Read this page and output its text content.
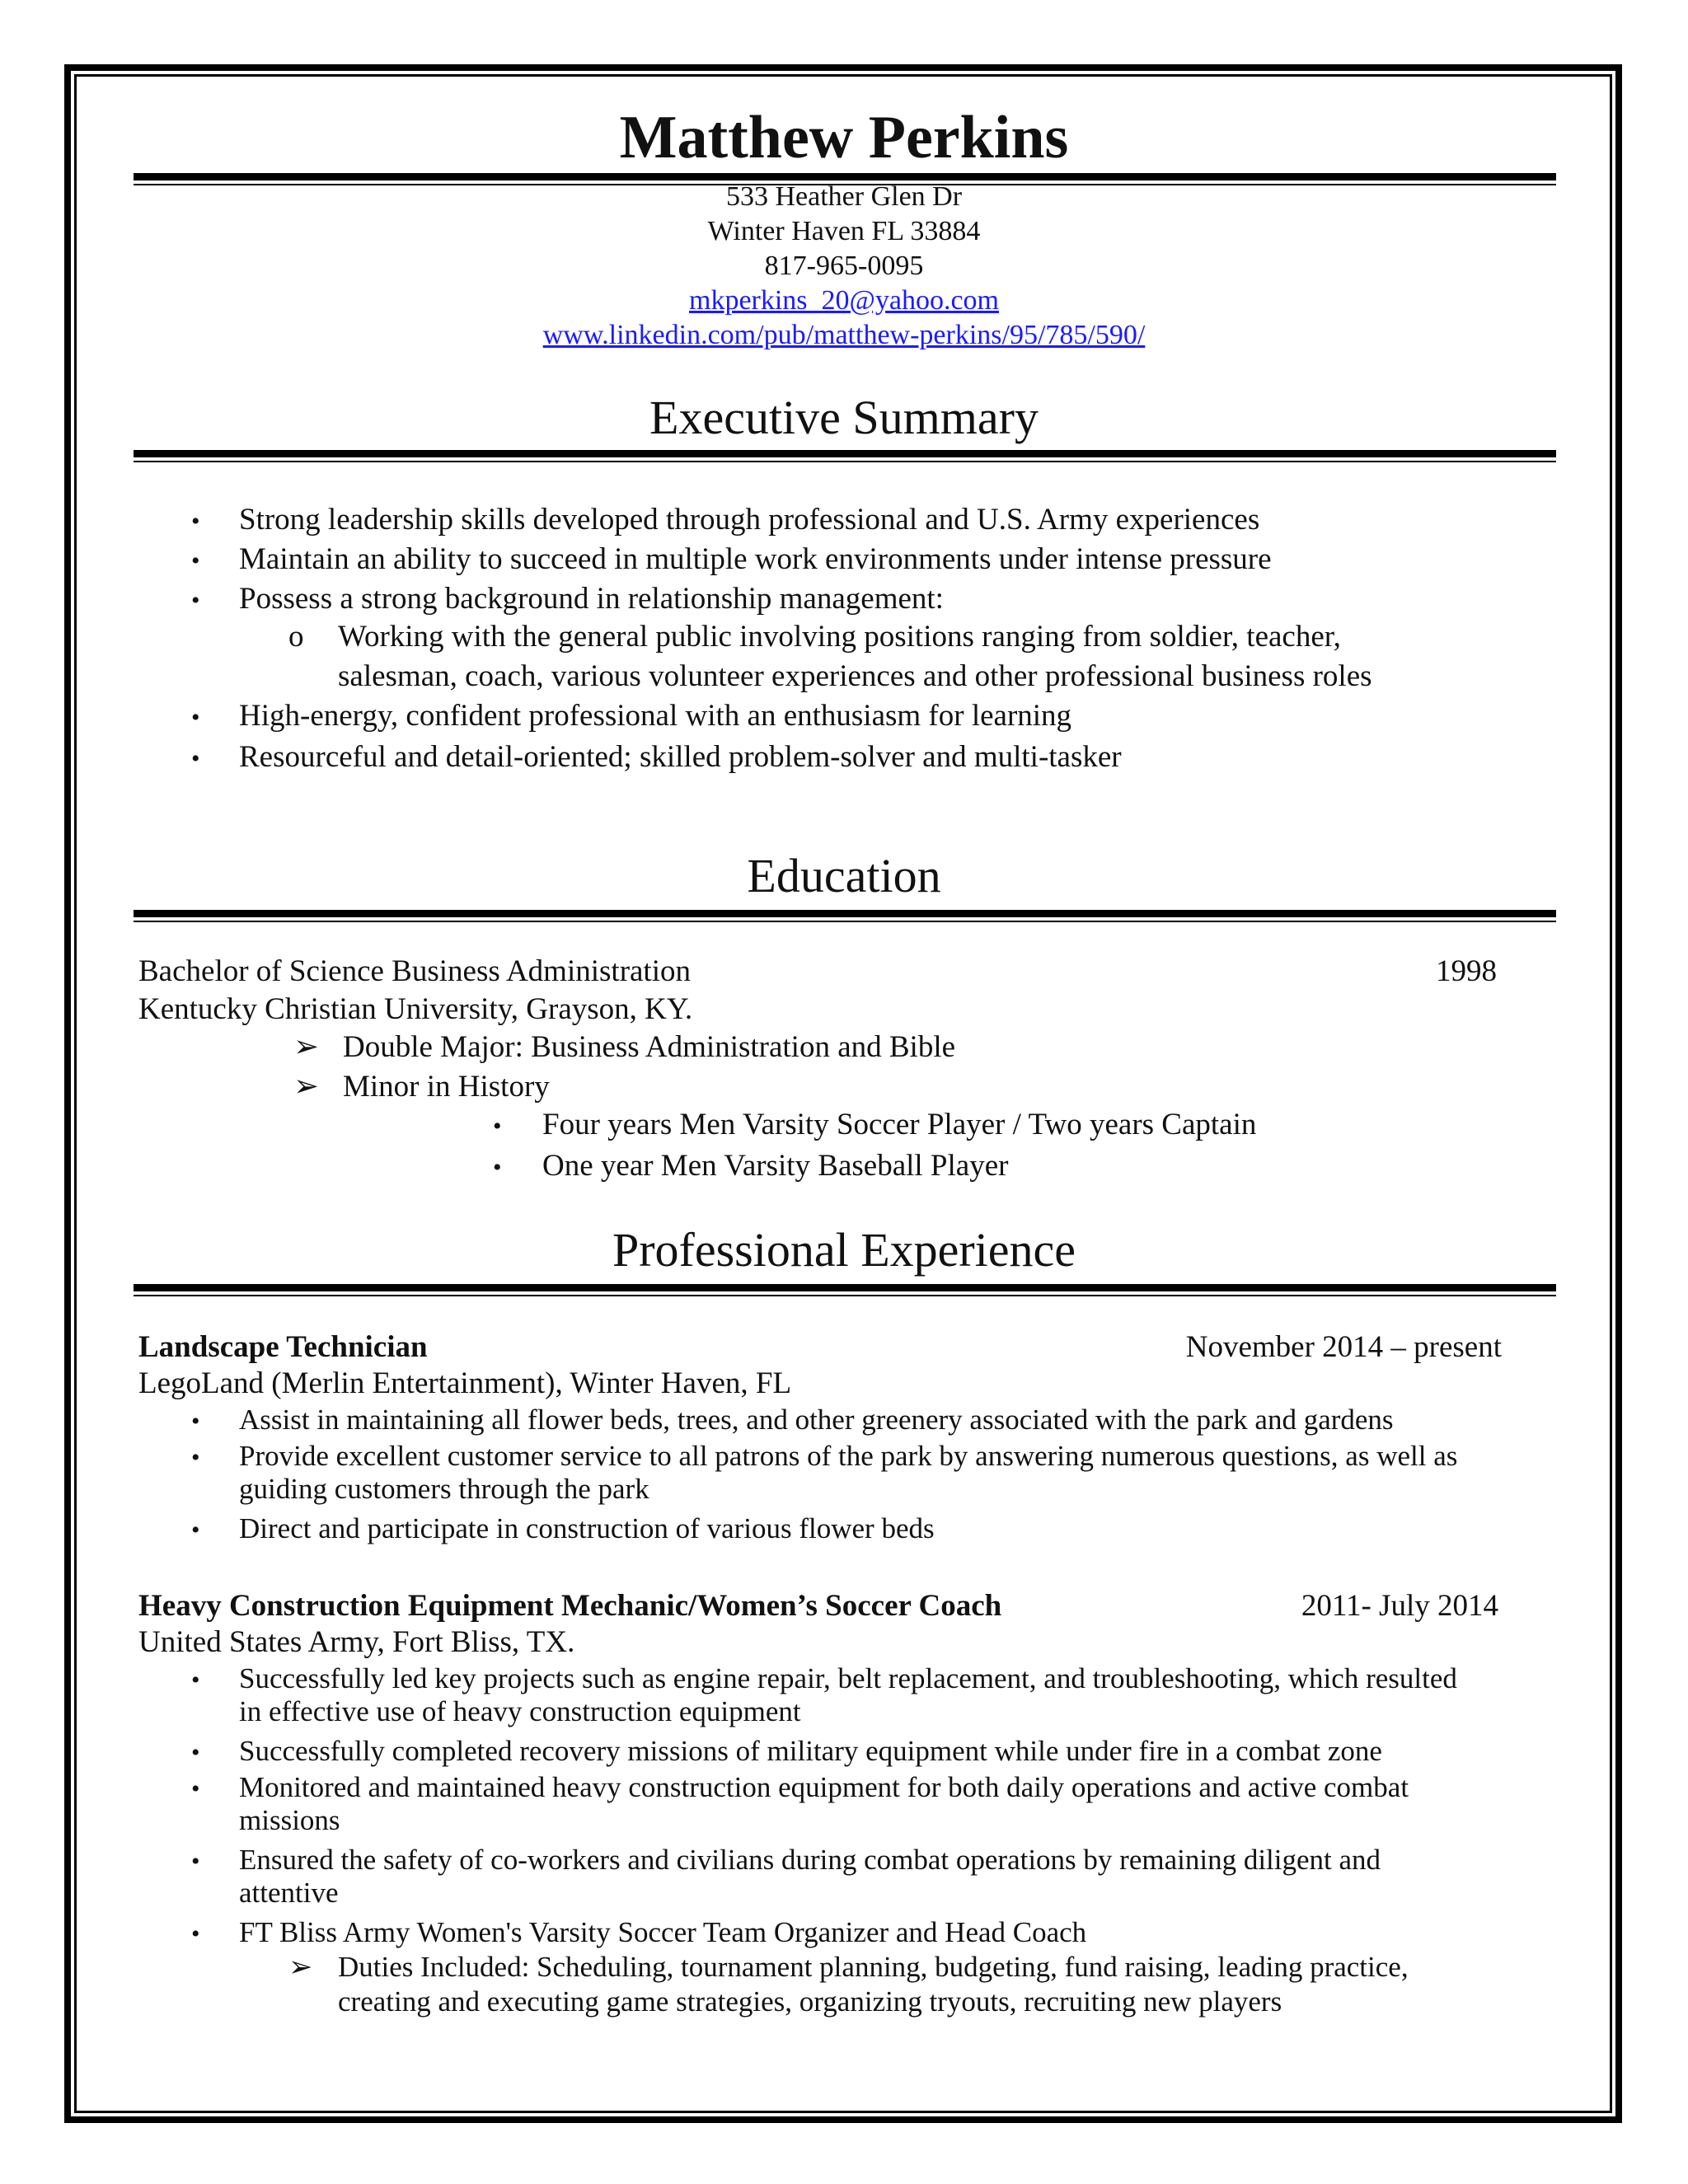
Matthew Perkins
533 Heather Glen Dr
Winter Haven FL 33884
817-965-0095
mkperkins_20@yahoo.com
www.linkedin.com/pub/matthew-perkins/95/785/590/
Executive Summary
• Strong leadership skills developed through professional and U.S. Army experiences
• Maintain an ability to succeed in multiple work environments under intense pressure
• Possess a strong background in relationship management:
o Working with the general public involving positions ranging from soldier, teacher,
salesman, coach, various volunteer experiences and other professional business roles
• High-energy, confident professional with an enthusiasm for learning
• Resourceful and detail-oriented; skilled problem-solver and multi-tasker
Education
Bachelor of Science Business Administration	1998
Kentucky Christian University, Grayson, KY.
➢ Double Major: Business Administration and Bible
➢ Minor in History
• Four years Men Varsity Soccer Player / Two years Captain
• One year Men Varsity Baseball Player
Professional Experience
Landscape Technician	November 2014 – present
LegoLand (Merlin Entertainment), Winter Haven, FL
• Assist in maintaining all flower beds, trees, and other greenery associated with the park and gardens
• Provide excellent customer service to all patrons of the park by answering numerous questions, as well as
guiding customers through the park
• Direct and participate in construction of various flower beds
Heavy Construction Equipment Mechanic/Women’s Soccer Coach	2011- July 2014
United States Army, Fort Bliss, TX.
• Successfully led key projects such as engine repair, belt replacement, and troubleshooting, which resulted
in effective use of heavy construction equipment
• Successfully completed recovery missions of military equipment while under fire in a combat zone
• Monitored and maintained heavy construction equipment for both daily operations and active combat
missions
• Ensured the safety of co-workers and civilians during combat operations by remaining diligent and
attentive
• FT Bliss Army Women's Varsity Soccer Team Organizer and Head Coach
➢ Duties Included: Scheduling, tournament planning, budgeting, fund raising, leading practice,
creating and executing game strategies, organizing tryouts, recruiting new players
